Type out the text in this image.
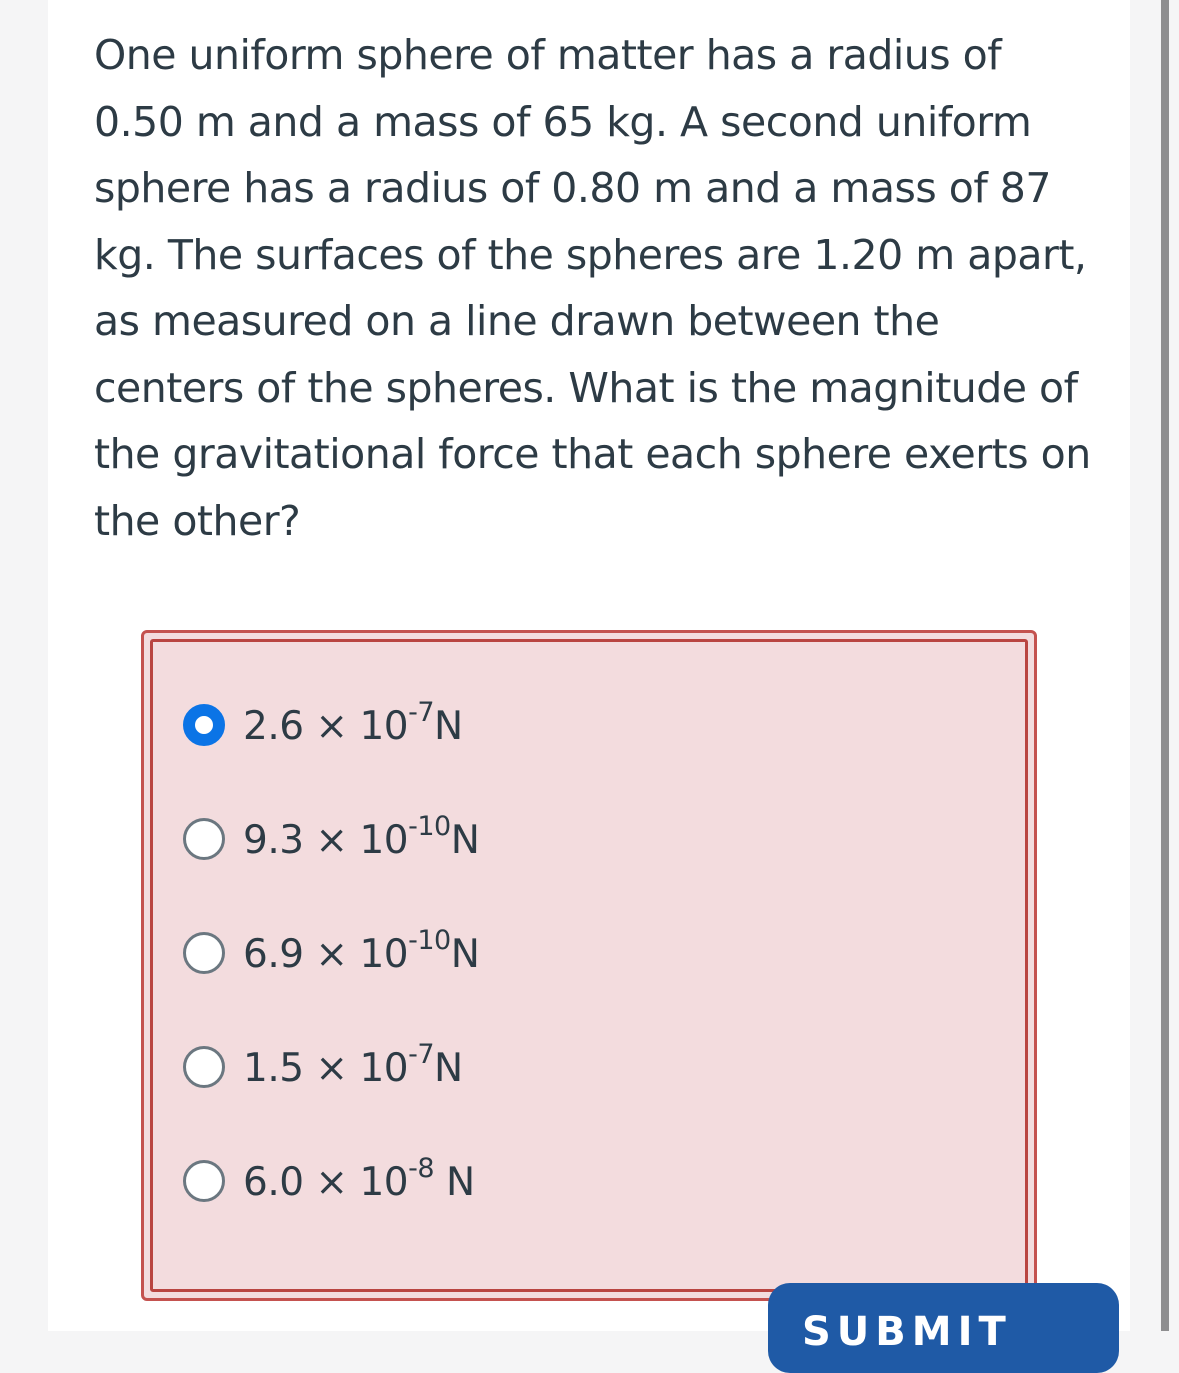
One uniform sphere of matter has a radius of 0.50 m and a mass of 65 kg. A second uniform sphere has a radius of 0.80 m and a mass of 87 kg. The surfaces of the spheres are 1.20 m apart, as measured on a line drawn between the centers of the spheres. What is the magnitude of the gravitational force that each sphere exerts on the other?

$2.6 \times 10^{-7}N$
$9.3 \times 10^{-10}N$
$6.9 \times 10^{-10}N$
$1.5 \times 10^{-7}N$
$6.0 \times 10^{-8}$ N
SUBMIT
